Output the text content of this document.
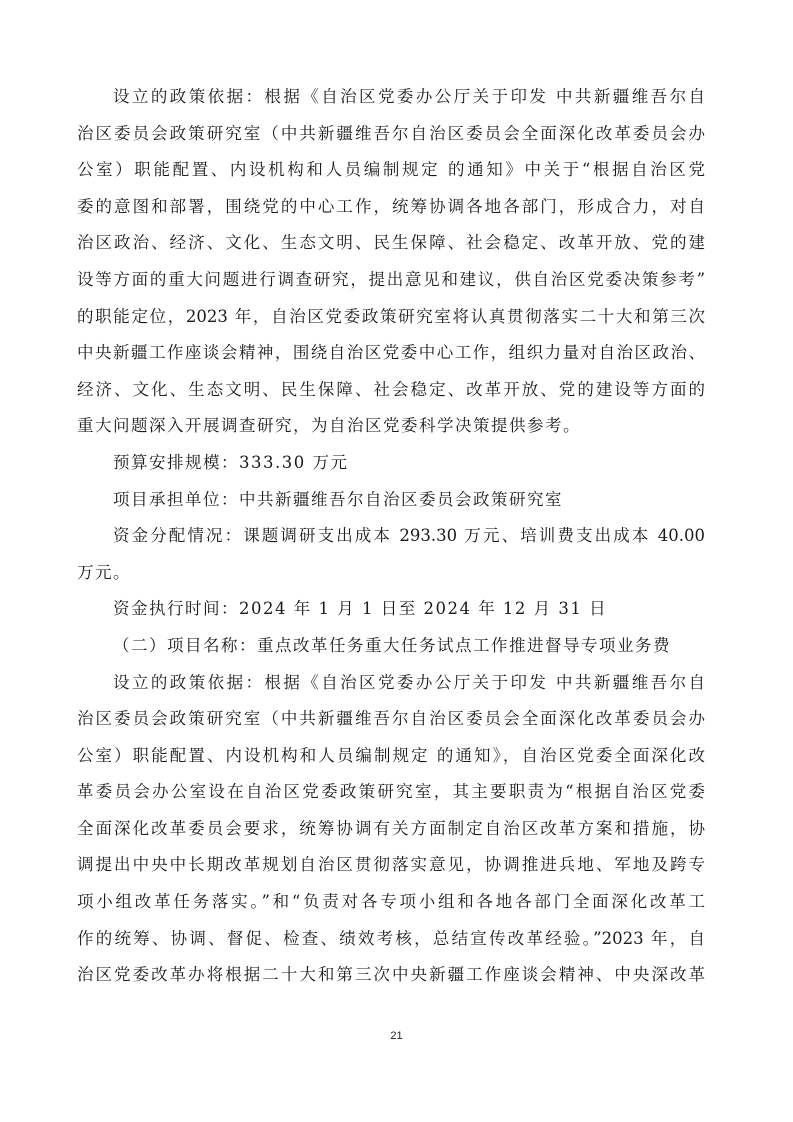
设立的政策依据：根据《自治区党委办公厅关于印发 中共新疆维吾尔自
治区委员会政策研究室（中共新疆维吾尔自治区委员会全面深化改革委员会办
公室）职能配置、内设机构和人员编制规定 的通知》中关于“根据自治区党
委的意图和部署，围绕党的中心工作，统筹协调各地各部门，形成合力，对自
治区政治、经济、文化、生态文明、民生保障、社会稳定、改革开放、党的建
设等方面的重大问题进行调查研究，提出意见和建议，供自治区党委决策参考”
的职能定位，2023 年，自治区党委政策研究室将认真贯彻落实二十大和第三次
中央新疆工作座谈会精神，围绕自治区党委中心工作，组织力量对自治区政治、
经济、文化、生态文明、民生保障、社会稳定、改革开放、党的建设等方面的
重大问题深入开展调查研究，为自治区党委科学决策提供参考。
预算安排规模：333.30 万元
项目承担单位：中共新疆维吾尔自治区委员会政策研究室
资金分配情况：课题调研支出成本 293.30 万元、培训费支出成本 40.00
万元。
资金执行时间：2024 年 1 月 1 日至 2024 年 12 月 31 日
（二）项目名称：重点改革任务重大任务试点工作推进督导专项业务费
设立的政策依据：根据《自治区党委办公厅关于印发 中共新疆维吾尔自
治区委员会政策研究室（中共新疆维吾尔自治区委员会全面深化改革委员会办
公室）职能配置、内设机构和人员编制规定 的通知》，自治区党委全面深化改
革委员会办公室设在自治区党委政策研究室，其主要职责为“根据自治区党委
全面深化改革委员会要求，统筹协调有关方面制定自治区改革方案和措施，协
调提出中央中长期改革规划自治区贯彻落实意见，协调推进兵地、军地及跨专
项小组改革任务落实。”和“负责对各专项小组和各地各部门全面深化改革工
作的统筹、协调、督促、检查、绩效考核，总结宣传改革经验。”2023 年，自
治区党委改革办将根据二十大和第三次中央新疆工作座谈会精神、中央深改革
21
